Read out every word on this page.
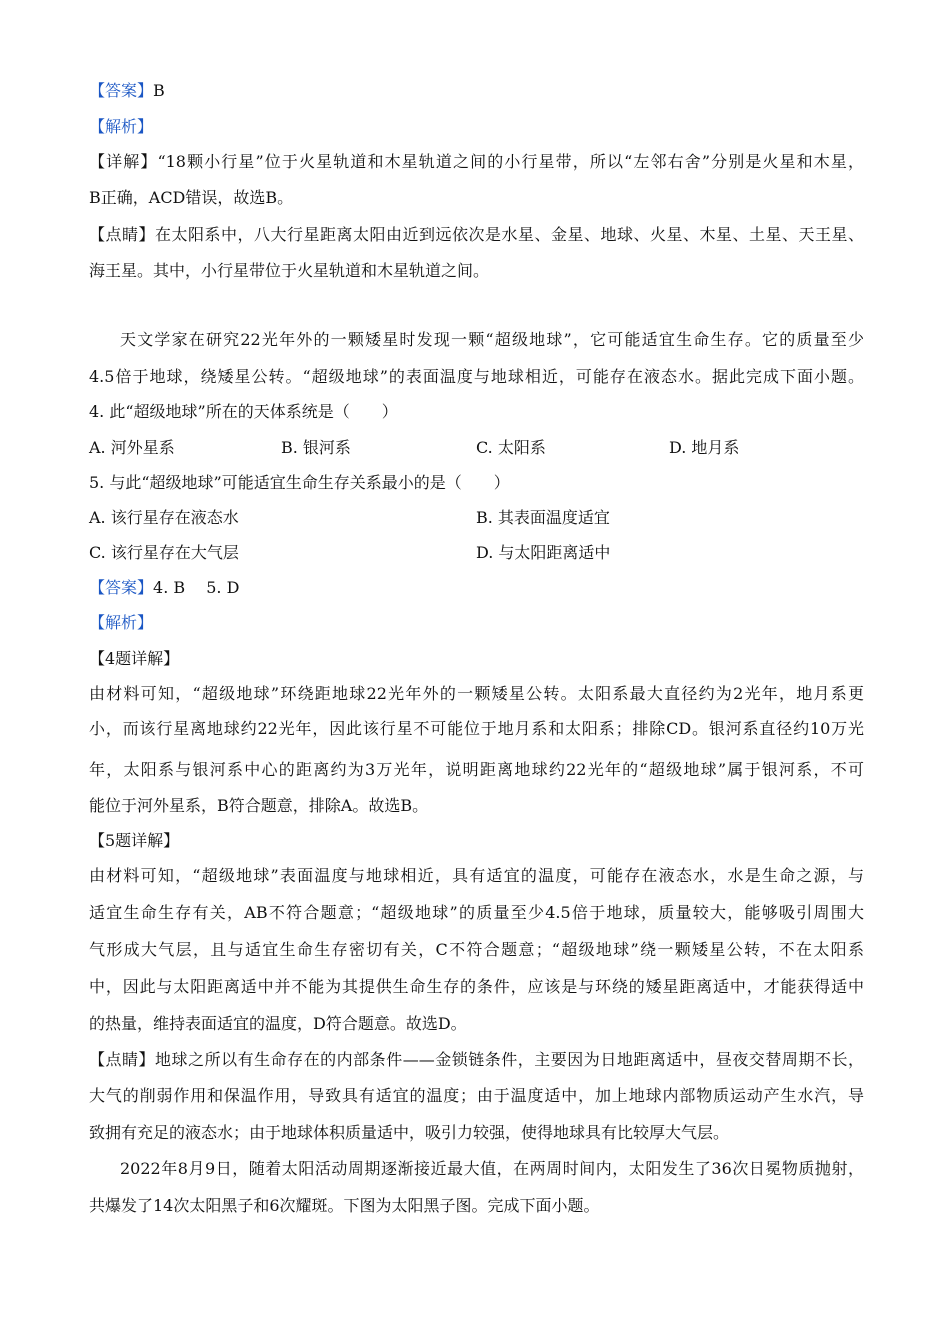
【答案】B
【解析】
【详解】“18颗小行星”位于火星轨道和木星轨道之间的小行星带，所以“左邻右舍”分别是火星和木星，
B正确，ACD错误，故选B。
【点睛】在太阳系中，八大行星距离太阳由近到远依次是水星、金星、地球、火星、木星、土星、天王星、
海王星。其中，小行星带位于火星轨道和木星轨道之间。
天文学家在研究22光年外的一颗矮星时发现一颗“超级地球”，它可能适宜生命生存。它的质量至少
4.5倍于地球，绕矮星公转。“超级地球”的表面温度与地球相近，可能存在液态水。据此完成下面小题。
4. 此“超级地球”所在的天体系统是（　　）
A. 河外星系	B. 银河系	C. 太阳系	D. 地月系
5. 与此“超级地球”可能适宜生命生存关系最小的是（　　）
A. 该行星存在液态水	B. 其表面温度适宜
C. 该行星存在大气层	D. 与太阳距离适中
【答案】4. B　 5. D
【解析】
【4题详解】
由材料可知，“超级地球”环绕距地球22光年外的一颗矮星公转。太阳系最大直径约为2光年，地月系更
小，而该行星离地球约22光年，因此该行星不可能位于地月系和太阳系；排除CD。银河系直径约10万光
年，太阳系与银河系中心的距离约为3万光年，说明距离地球约22光年的“超级地球”属于银河系，不可
能位于河外星系，B符合题意，排除A。故选B。
【5题详解】
由材料可知，“超级地球”表面温度与地球相近，具有适宜的温度，可能存在液态水，水是生命之源，与
适宜生命生存有关，AB不符合题意；“超级地球”的质量至少4.5倍于地球，质量较大，能够吸引周围大
气形成大气层，且与适宜生命生存密切有关，C不符合题意；“超级地球”绕一颗矮星公转，不在太阳系
中，因此与太阳距离适中并不能为其提供生命生存的条件，应该是与环绕的矮星距离适中，才能获得适中
的热量，维持表面适宜的温度，D符合题意。故选D。
【点睛】地球之所以有生命存在的内部条件——金锁链条件，主要因为日地距离适中，昼夜交替周期不长，
大气的削弱作用和保温作用，导致具有适宜的温度；由于温度适中，加上地球内部物质运动产生水汽，导
致拥有充足的液态水；由于地球体积质量适中，吸引力较强，使得地球具有比较厚大气层。
2022年8月9日，随着太阳活动周期逐渐接近最大值，在两周时间内，太阳发生了36次日冕物质抛射，
共爆发了14次太阳黑子和6次耀斑。下图为太阳黑子图。完成下面小题。
